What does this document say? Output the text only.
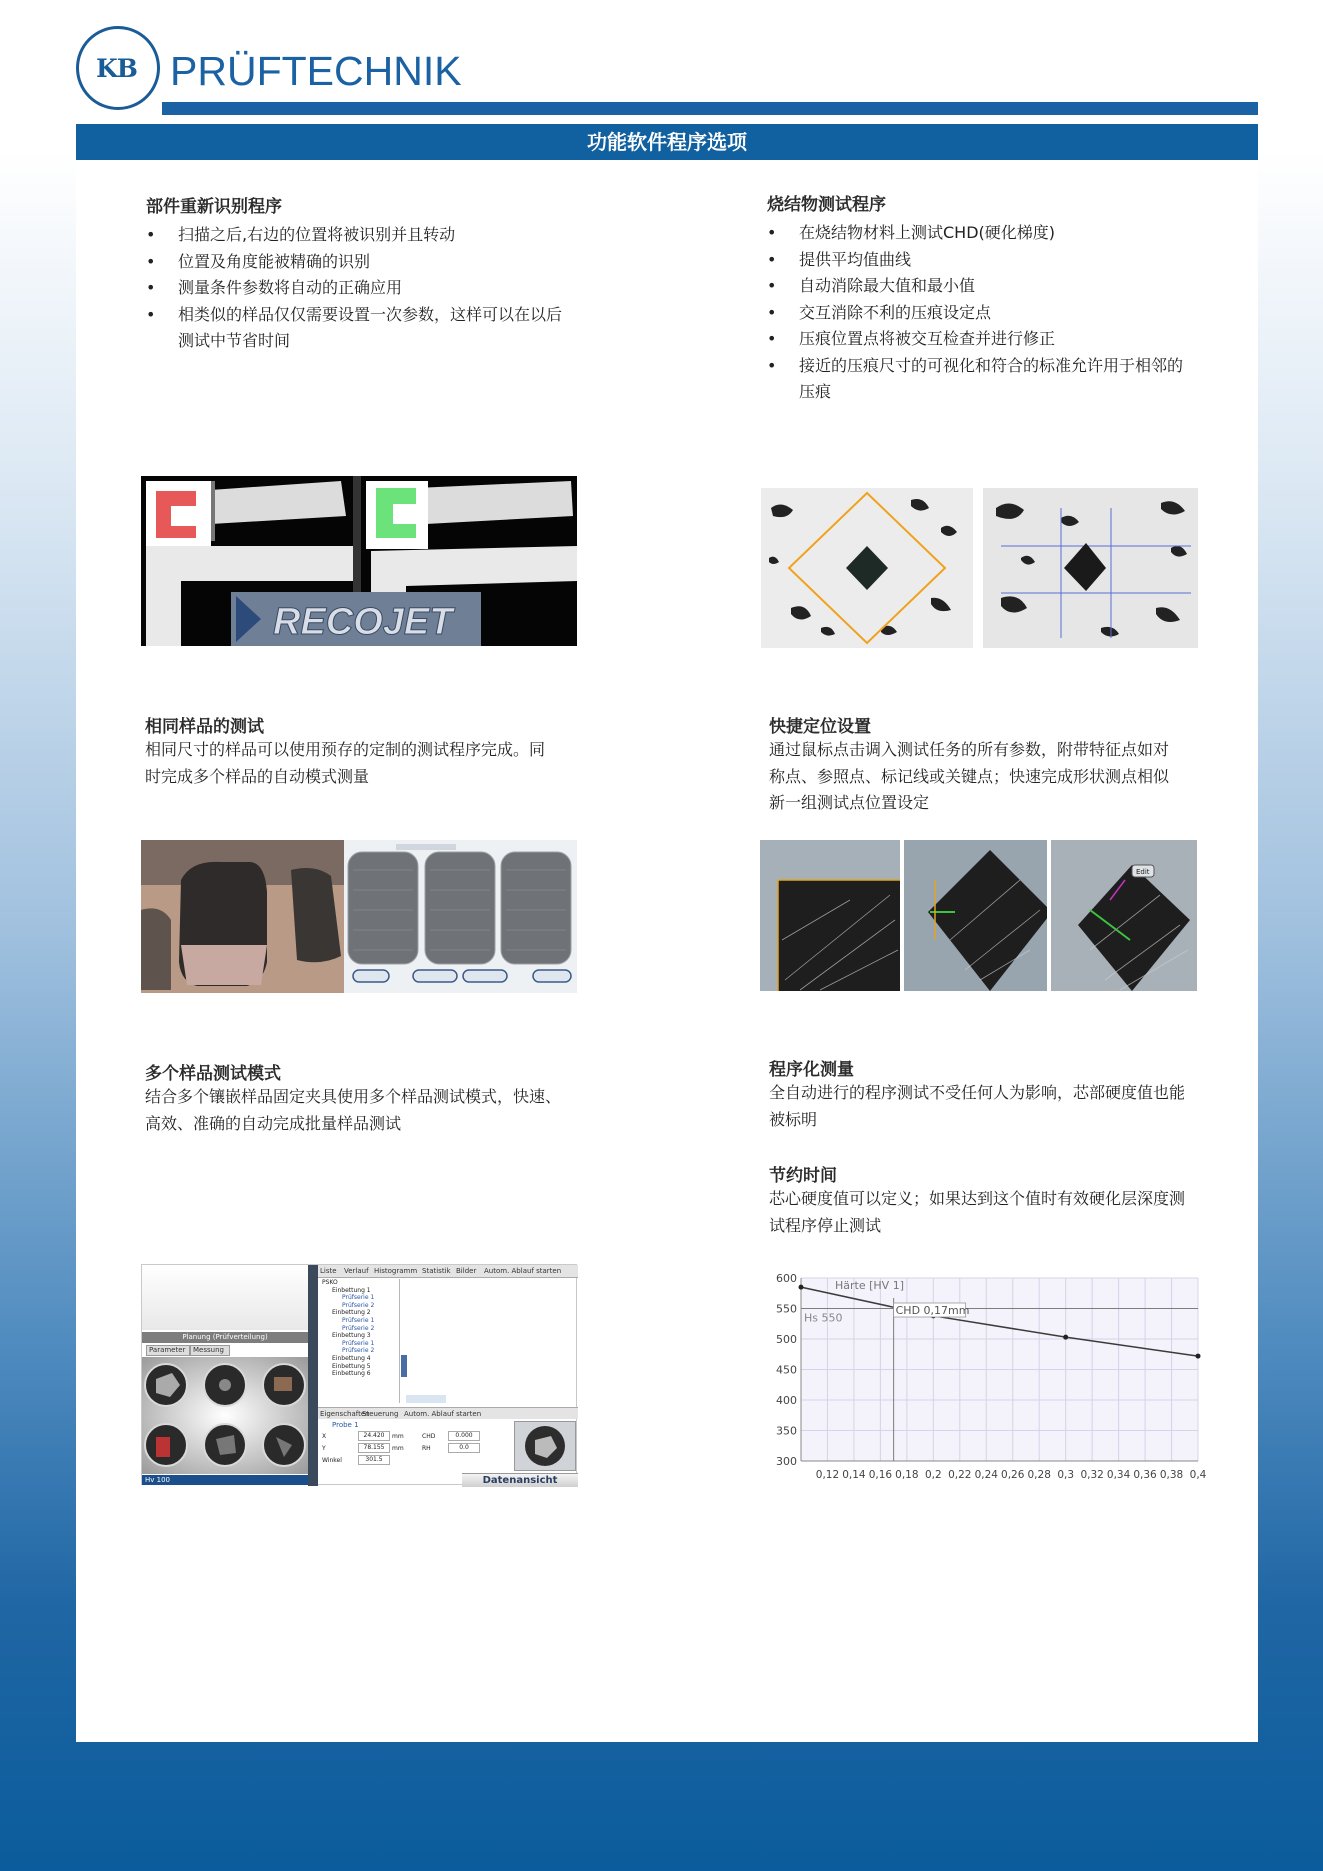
KB PRÜFTECHNIK
功能软件程序选项
部件重新识别程序
• 扫描之后,右边的位置将被识别并且转动
• 位置及角度能被精确的识别
• 测量条件参数将自动的正确应用
• 相类似的样品仅仅需要设置一次参数，这样可以在以后测试中节省时间
烧结物测试程序
• 在烧结物材料上测试CHD(硬化梯度)
• 提供平均值曲线
• 自动消除最大值和最小值
• 交互消除不利的压痕设定点
• 压痕位置点将被交互检查并进行修正
• 接近的压痕尺寸的可视化和符合的标准允许用于相邻的压痕
RECOJET
相同样品的测试

相同尺寸的样品可以使用预存的定制的测试程序完成。同时完成多个样品的自动模式测量

快捷定位设置

通过鼠标点击调入测试任务的所有参数，附带特征点如对称点、参照点、标记线或关键点；快速完成形状测点相似新一组测试点位置设定

Edit
多个样品测试模式

结合多个镶嵌样品固定夹具使用多个样品测试模式，快速、高效、准确的自动完成批量样品测试

程序化测量

全自动进行的程序测试不受任何人为影响，芯部硬度值也能被标明

节约时间

芯心硬度值可以定义；如果达到这个值时有效硬化层深度测试程序停止测试

Planung (Prüfverteilung)
Parameter	Messung
Hv 100
Liste Verlauf Histogramm Statistik Bilder Autom. Ablauf starten
PSKO
Einbettung 1
Prüfserie 1
Prüfserie 2
Einbettung 2
Prüfserie 1
Prüfserie 2
Einbettung 3
Prüfserie 1
Prüfserie 2
Einbettung 4
Einbettung 5
Einbettung 6
Eigenschaften
Steuerung Autom. Ablauf starten
Probe 1
X	24.420	mm	CHD	0.000
Y	78.155	mm	RH	0.0
Winkel	301.5
Datenansicht
300
350
400
450
500
550
600
0,12 0,14 0,16 0,18 0,2 0,22 0,24 0,26 0,28 0,3 0,32 0,34 0,36 0,38 0,4
Härte [HV 1]
CHD 0,17mm
Hs 550
